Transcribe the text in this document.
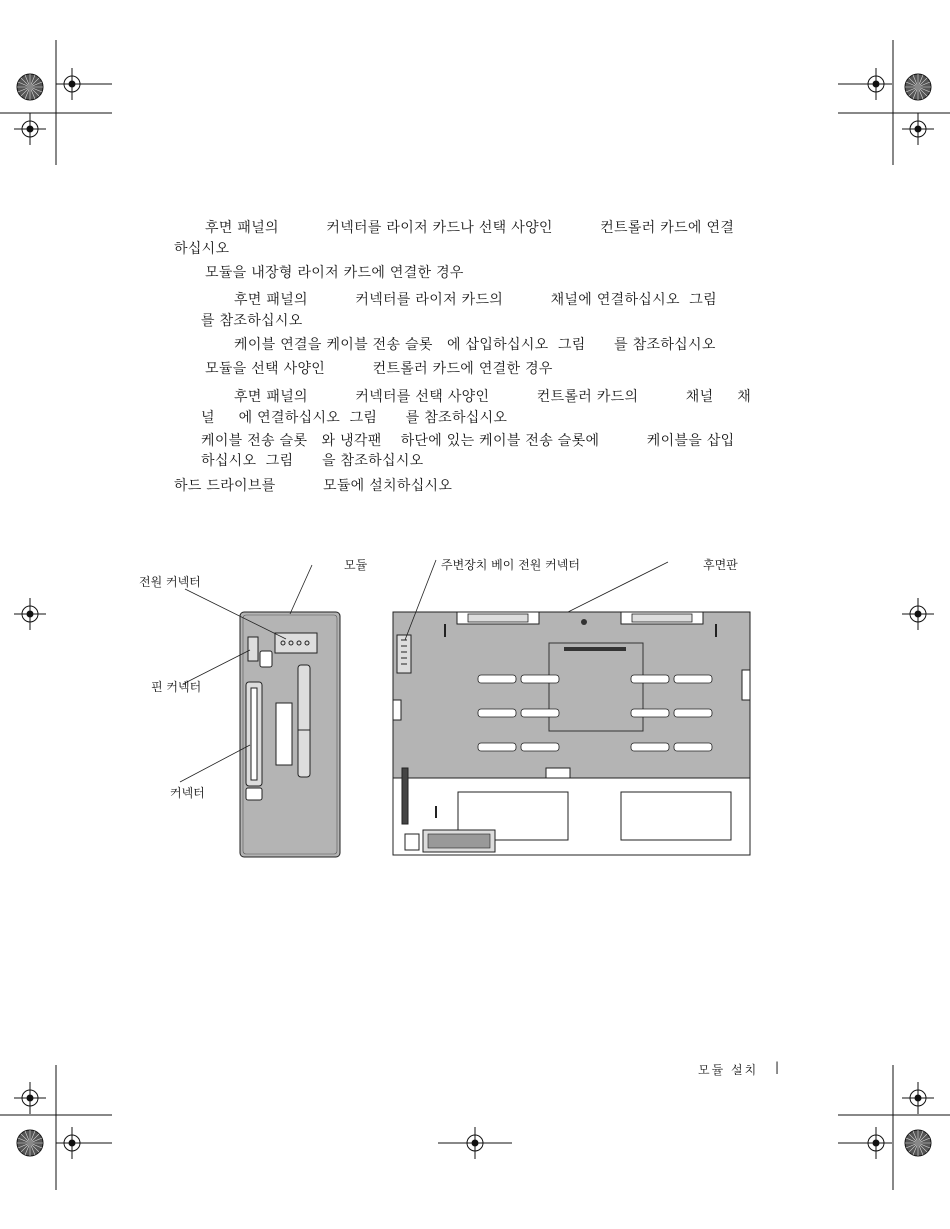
후면 패널의          커넥터를 라이저 카드나 선택 사양인          컨트롤러 카드에 연결
하십시오
모듈을 내장형 라이저 카드에 연결한 경우
후면 패널의          커넥터를 라이저 카드의          채널에 연결하십시오  그림
를 참조하십시오
케이블 연결을 케이블 전송 슬롯   에 삽입하십시오  그림      를 참조하십시오
모듈을 선택 사양인          컨트롤러 카드에 연결한 경우
후면 패널의          커넥터를 선택 사양인          컨트롤러 카드의          채널     채
널     에 연결하십시오  그림      를 참조하십시오
케이블 전송 슬롯   와 냉각팬    하단에 있는 케이블 전송 슬롯에          케이블을 삽입
하십시오  그림      을 참조하십시오
하드 드라이브를          모듈에 설치하십시오
모듈	주변장치 베이 전원 커넥터	후면판
전원 커넥터
핀 커넥터
커넥터
모듈 설치 |
